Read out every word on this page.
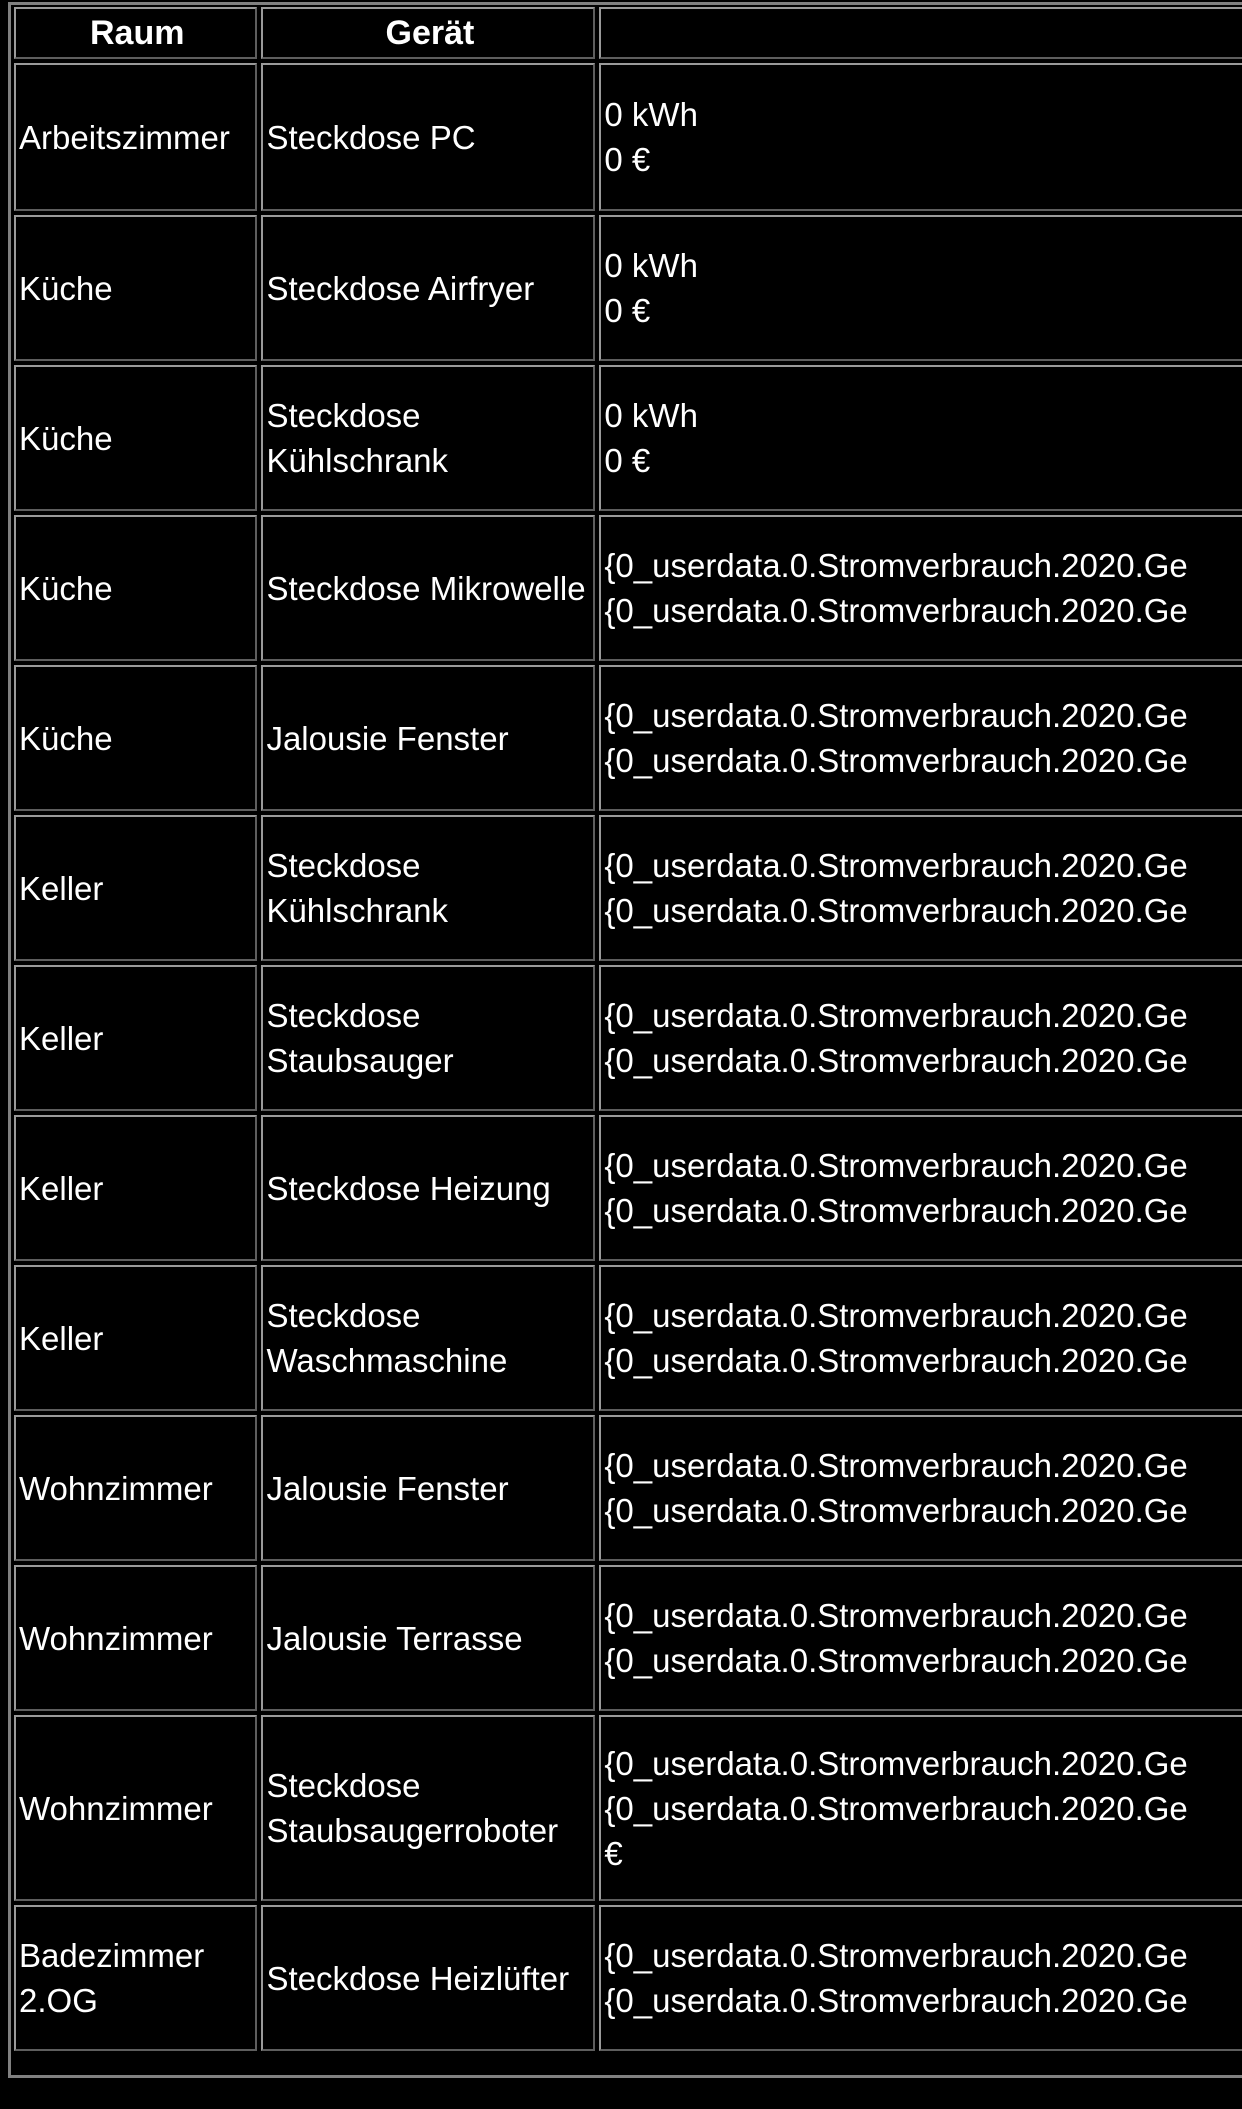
Raum	Gerät	
Arbeitszimmer	Steckdose PC	0 kWh
0 €

Küche	Steckdose Airfryer	0 kWh
0 €

Küche	Steckdose Kühlschrank	0 kWh
0 €

Küche	Steckdose Mikrowelle	{0_userdata.0.Stromverbrauch.2020.Ge
{0_userdata.0.Stromverbrauch.2020.Ge

Küche	Jalousie Fenster	{0_userdata.0.Stromverbrauch.2020.Ge
{0_userdata.0.Stromverbrauch.2020.Ge

Keller	Steckdose Kühlschrank	{0_userdata.0.Stromverbrauch.2020.Ge
{0_userdata.0.Stromverbrauch.2020.Ge

Keller	Steckdose Staubsauger	{0_userdata.0.Stromverbrauch.2020.Ge
{0_userdata.0.Stromverbrauch.2020.Ge

Keller	Steckdose Heizung	{0_userdata.0.Stromverbrauch.2020.Ge
{0_userdata.0.Stromverbrauch.2020.Ge

Keller	Steckdose Waschmaschine	{0_userdata.0.Stromverbrauch.2020.Ge
{0_userdata.0.Stromverbrauch.2020.Ge

Wohnzimmer	Jalousie Fenster	{0_userdata.0.Stromverbrauch.2020.Ge
{0_userdata.0.Stromverbrauch.2020.Ge

Wohnzimmer	Jalousie Terrasse	{0_userdata.0.Stromverbrauch.2020.Ge
{0_userdata.0.Stromverbrauch.2020.Ge

Wohnzimmer	Steckdose Staubsaugerroboter	{0_userdata.0.Stromverbrauch.2020.Ge
{0_userdata.0.Stromverbrauch.2020.Ge
€

Badezimmer 2.OG	Steckdose Heizlüfter	{0_userdata.0.Stromverbrauch.2020.Ge
{0_userdata.0.Stromverbrauch.2020.Ge
